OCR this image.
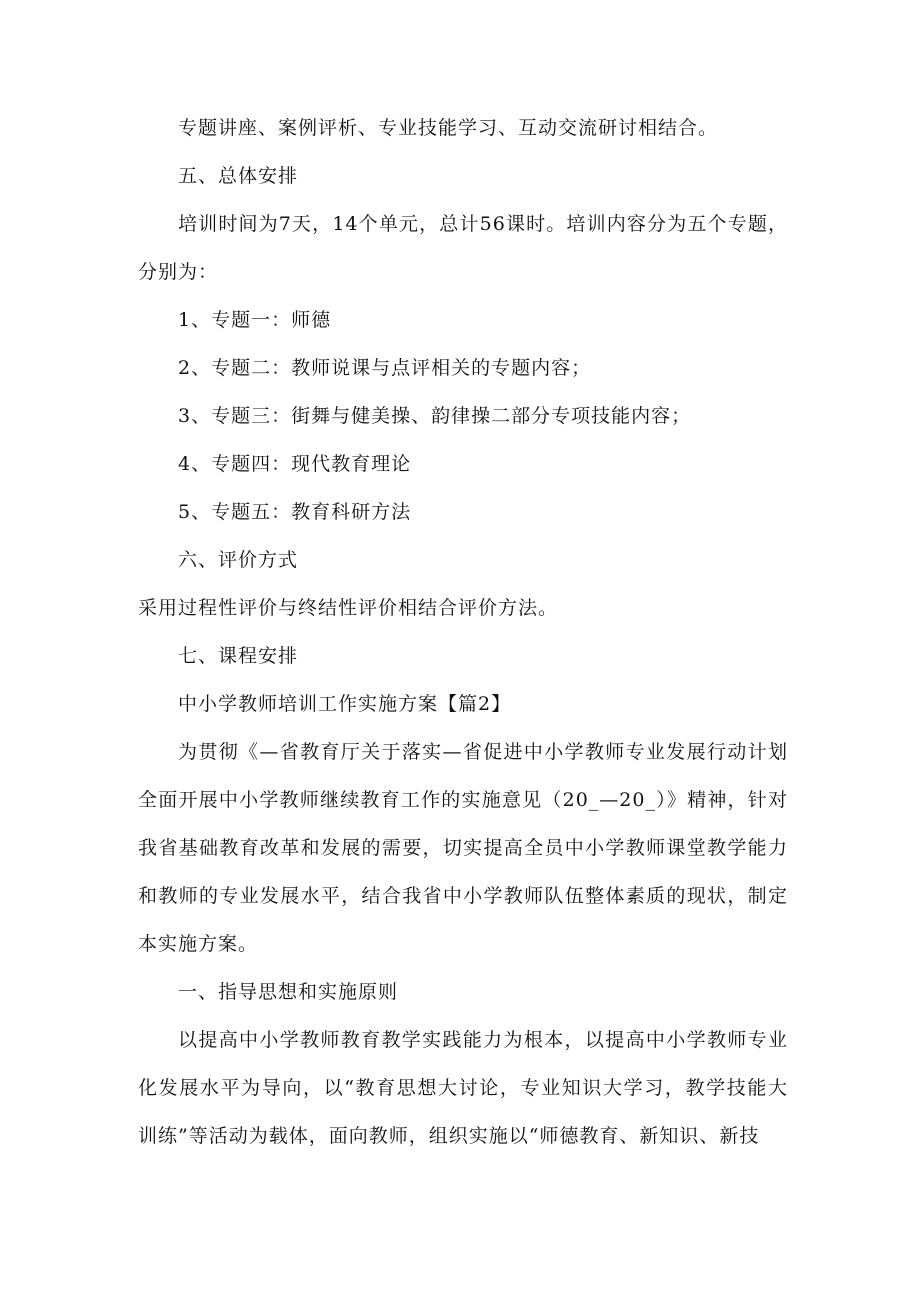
专题讲座、案例评析、专业技能学习、互动交流研讨相结合。

五、总体安排

培训时间为7天，14个单元，总计56课时。培训内容分为五个专题，分别为：

1、专题一：师德

2、专题二：教师说课与点评相关的专题内容；

3、专题三：街舞与健美操、韵律操二部分专项技能内容；

4、专题四：现代教育理论

5、专题五：教育科研方法

六、评价方式

采用过程性评价与终结性评价相结合评价方法。

七、课程安排

中小学教师培训工作实施方案【篇2】

为贯彻《—省教育厅关于落实—省促进中小学教师专业发展行动计划全面开展中小学教师继续教育工作的实施意见（20_—20_）》精神，针对我省基础教育改革和发展的需要，切实提高全员中小学教师课堂教学能力和教师的专业发展水平，结合我省中小学教师队伍整体素质的现状，制定本实施方案。

一、指导思想和实施原则

以提高中小学教师教育教学实践能力为根本，以提高中小学教师专业化发展水平为导向，以“教育思想大讨论，专业知识大学习，教学技能大训练”等活动为载体，面向教师，组织实施以“师德教育、新知识、新技
